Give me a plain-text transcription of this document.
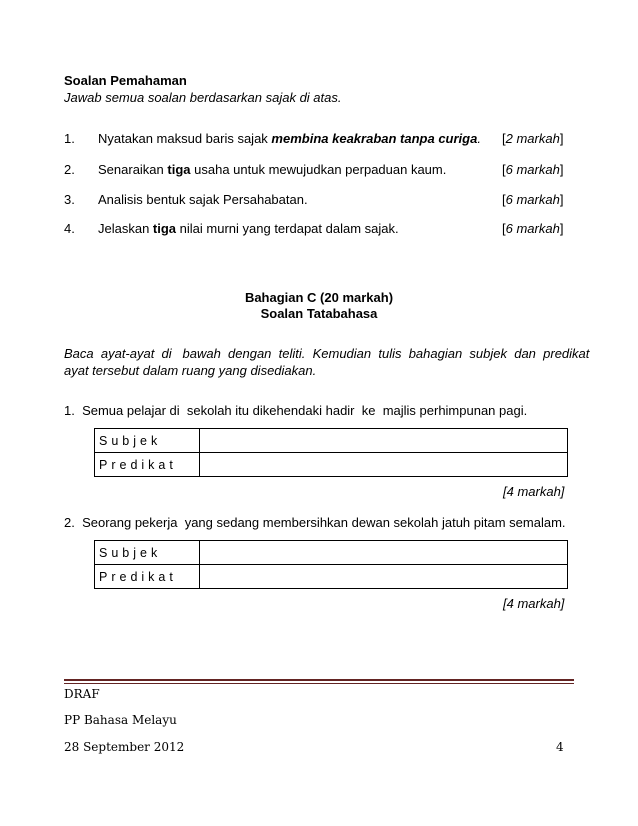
Soalan Pemahaman
Jawab semua soalan berdasarkan sajak di atas.
1. Nyatakan maksud baris sajak membina keakraban tanpa curiga. [2 markah]
2. Senaraikan tiga usaha untuk mewujudkan perpaduan kaum.	[6 markah]
3. Analisis bentuk sajak Persahabatan.	[6 markah]
4. Jelaskan tiga nilai murni yang terdapat dalam sajak.	[6 markah]
Bahagian C (20 markah)
Soalan Tatabahasa
Baca  ayat-ayat  di   bawah  dengan  teliti.  Kemudian  tulis  bahagian  subjek  dan  predikat
ayat tersebut dalam ruang yang disediakan.
1.  Semua pelajar di  sekolah itu dikehendaki hadir  ke  majlis perhimpunan pagi.
Subjek	
Predikat	
[4 markah]
2.  Seorang pekerja  yang sedang membersihkan dewan sekolah jatuh pitam semalam.
Subjek	
Predikat	
[4 markah]
DRAF
PP Bahasa Melayu
28 September 2012	4
